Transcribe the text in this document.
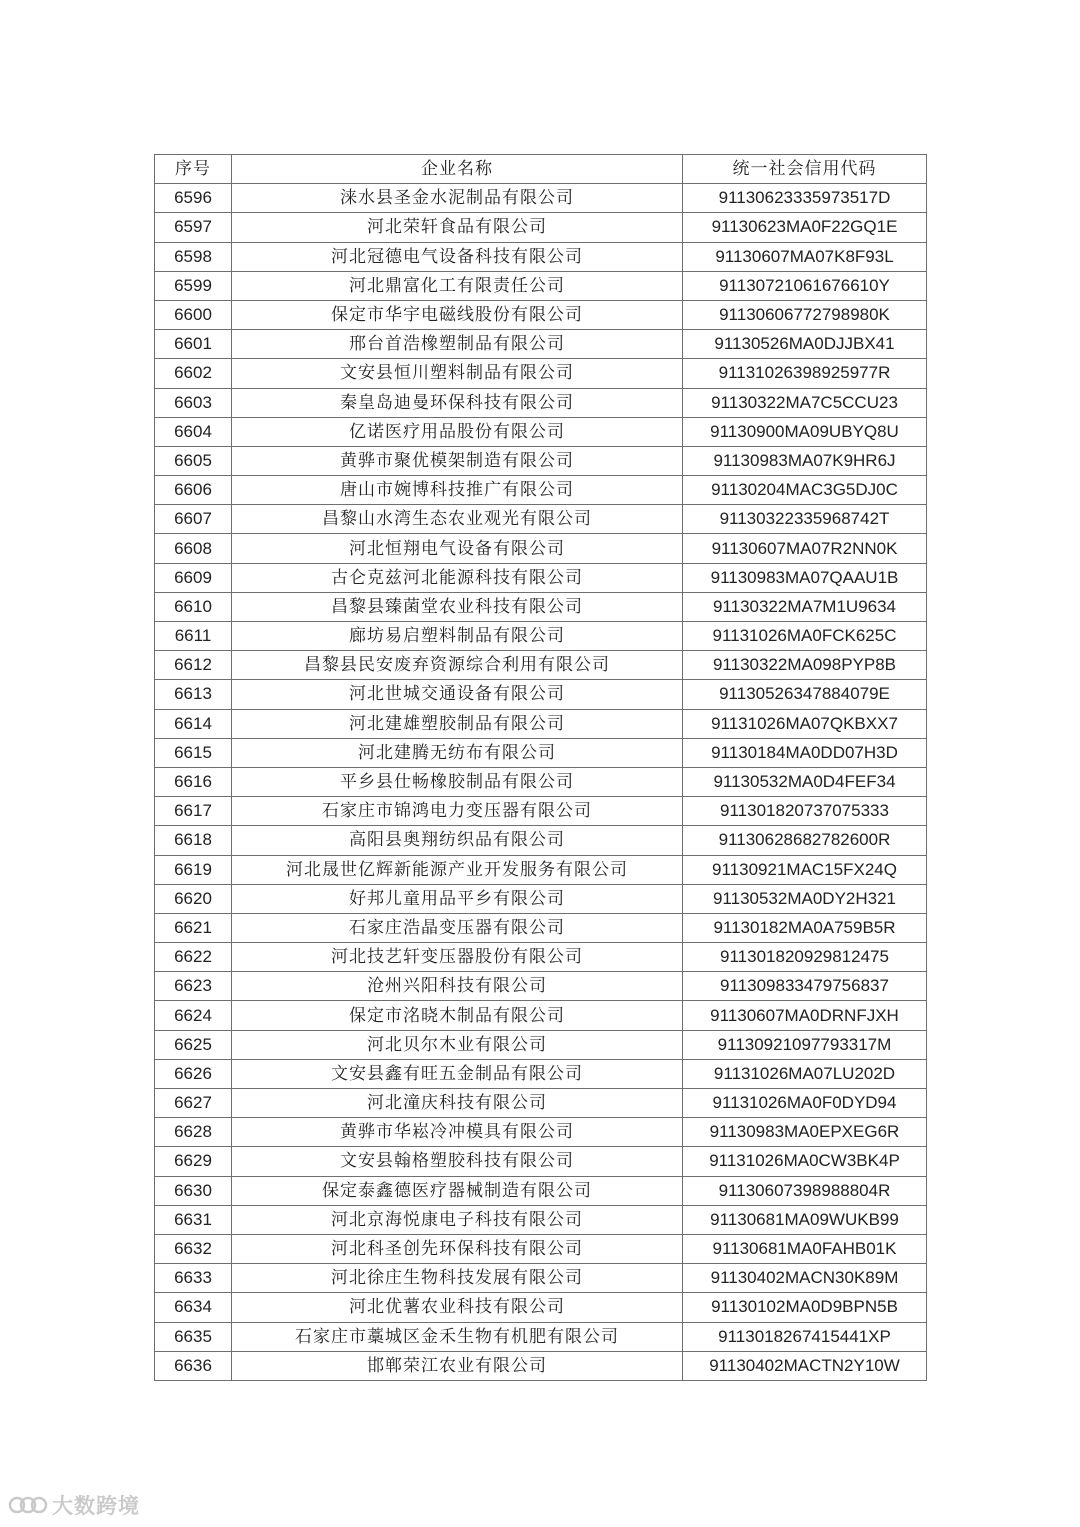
序号	企业名称	统一社会信用代码
6596	涞水县圣金水泥制品有限公司	91130623335973517D
6597	河北荣轩食品有限公司	91130623MA0F22GQ1E
6598	河北冠德电气设备科技有限公司	91130607MA07K8F93L
6599	河北鼎富化工有限责任公司	91130721061676610Y
6600	保定市华宇电磁线股份有限公司	91130606772798980K
6601	邢台首浩橡塑制品有限公司	91130526MA0DJJBX41
6602	文安县恒川塑料制品有限公司	91131026398925977R
6603	秦皇岛迪曼环保科技有限公司	91130322MA7C5CCU23
6604	亿诺医疗用品股份有限公司	91130900MA09UBYQ8U
6605	黄骅市聚优模架制造有限公司	91130983MA07K9HR6J
6606	唐山市婉博科技推广有限公司	91130204MAC3G5DJ0C
6607	昌黎山水湾生态农业观光有限公司	91130322335968742T
6608	河北恒翔电气设备有限公司	91130607MA07R2NN0K
6609	古仑克兹河北能源科技有限公司	91130983MA07QAAU1B
6610	昌黎县臻菌堂农业科技有限公司	91130322MA7M1U9634
6611	廊坊易启塑料制品有限公司	91131026MA0FCK625C
6612	昌黎县民安废弃资源综合利用有限公司	91130322MA098PYP8B
6613	河北世城交通设备有限公司	91130526347884079E
6614	河北建雄塑胶制品有限公司	91131026MA07QKBXX7
6615	河北建腾无纺布有限公司	91130184MA0DD07H3D
6616	平乡县仕畅橡胶制品有限公司	91130532MA0D4FEF34
6617	石家庄市锦鸿电力变压器有限公司	911301820737075333
6618	高阳县奥翔纺织品有限公司	91130628682782600R
6619	河北晟世亿辉新能源产业开发服务有限公司	91130921MAC15FX24Q
6620	好邦儿童用品平乡有限公司	91130532MA0DY2H321
6621	石家庄浩晶变压器有限公司	91130182MA0A759B5R
6622	河北技艺轩变压器股份有限公司	911301820929812475
6623	沧州兴阳科技有限公司	911309833479756837
6624	保定市洺晓木制品有限公司	91130607MA0DRNFJXH
6625	河北贝尔木业有限公司	91130921097793317M
6626	文安县鑫有旺五金制品有限公司	91131026MA07LU202D
6627	河北潼庆科技有限公司	91131026MA0F0DYD94
6628	黄骅市华崧冷冲模具有限公司	91130983MA0EPXEG6R
6629	文安县翰格塑胶科技有限公司	91131026MA0CW3BK4P
6630	保定泰鑫德医疗器械制造有限公司	91130607398988804R
6631	河北京海悦康电子科技有限公司	91130681MA09WUKB99
6632	河北科圣创先环保科技有限公司	91130681MA0FAHB01K
6633	河北徐庄生物科技发展有限公司	91130402MACN30K89M
6634	河北优薯农业科技有限公司	91130102MA0D9BPN5B
6635	石家庄市藁城区金禾生物有机肥有限公司	9113018267415441XP
6636	邯郸荣江农业有限公司	91130402MACTN2Y10W
大数跨境
